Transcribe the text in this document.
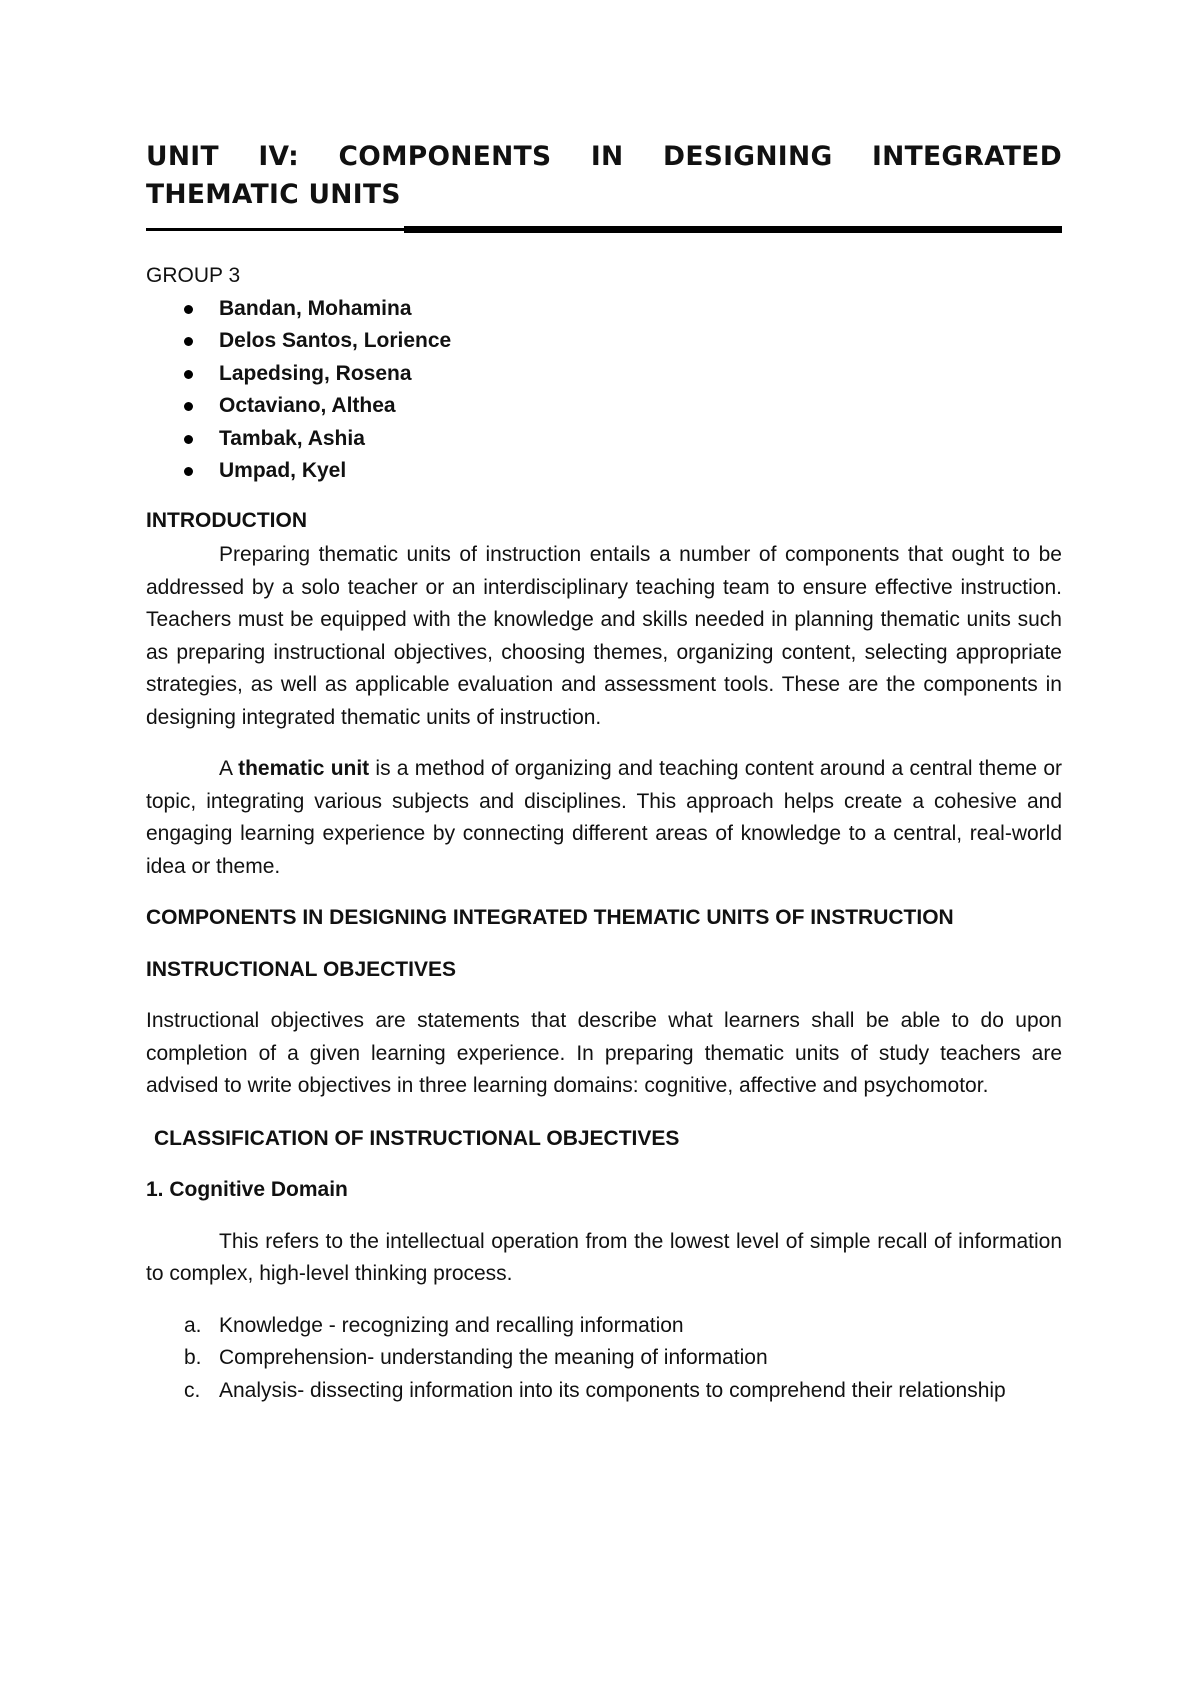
UNIT IV: COMPONENTS IN DESIGNING INTEGRATED THEMATIC UNITS

GROUP 3

Bandan, Mohamina
Delos Santos, Lorience
Lapedsing, Rosena
Octaviano, Althea
Tambak, Ashia
Umpad, Kyel

INTRODUCTION

Preparing thematic units of instruction entails a number of components that ought to be addressed by a solo teacher or an interdisciplinary teaching team to ensure effective instruction. Teachers must be equipped with the knowledge and skills needed in planning thematic units such as preparing instructional objectives, choosing themes, organizing content, selecting appropriate strategies, as well as applicable evaluation and assessment tools. These are the components in designing integrated thematic units of instruction.

A thematic unit is a method of organizing and teaching content around a central theme or topic, integrating various subjects and disciplines. This approach helps create a cohesive and engaging learning experience by connecting different areas of knowledge to a central, real-world idea or theme.

COMPONENTS IN DESIGNING INTEGRATED THEMATIC UNITS OF INSTRUCTION

INSTRUCTIONAL OBJECTIVES

Instructional objectives are statements that describe what learners shall be able to do upon completion of a given learning experience. In preparing thematic units of study teachers are advised to write objectives in three learning domains: cognitive, affective and psychomotor.

CLASSIFICATION OF INSTRUCTIONAL OBJECTIVES

1. Cognitive Domain

This refers to the intellectual operation from the lowest level of simple recall of information to complex, high-level thinking process.

a. Knowledge - recognizing and recalling information
b. Comprehension- understanding the meaning of information
c. Analysis- dissecting information into its components to comprehend their relationship
